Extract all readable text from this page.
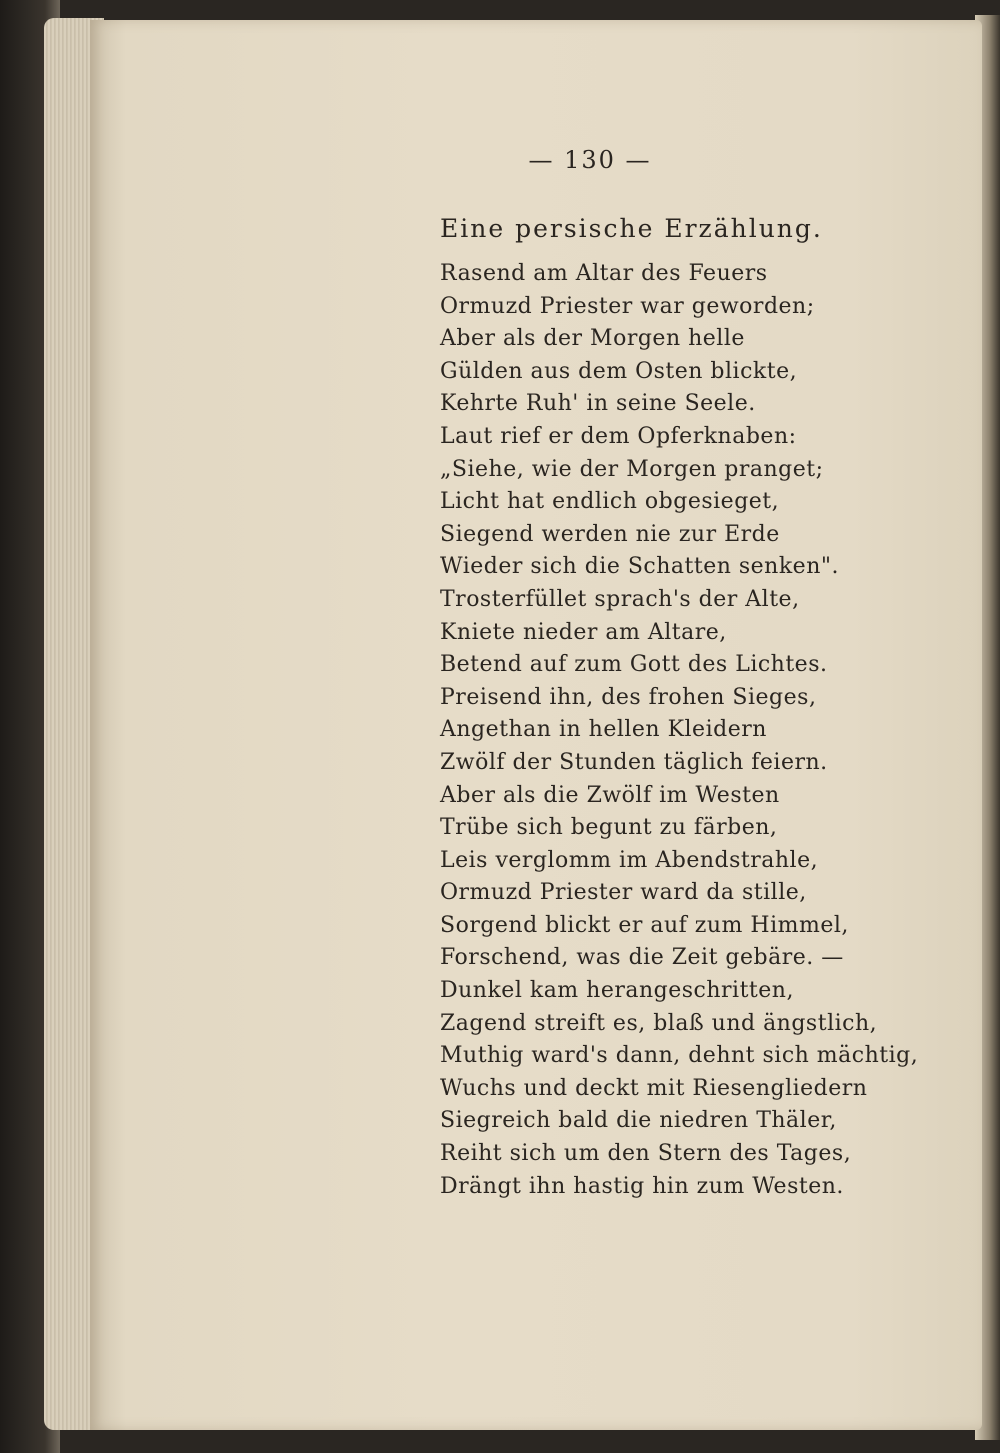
— 130 —
Eine persische Erzählung.
Rasend am Altar des Feuers
Ormuzd Priester war geworden;
Aber als der Morgen helle
Gülden aus dem Osten blickte,
Kehrte Ruh' in seine Seele.
Laut rief er dem Opferknaben:
„Siehe, wie der Morgen pranget;
Licht hat endlich obgesieget,
Siegend werden nie zur Erde
Wieder sich die Schatten senken".
Trosterfüllet sprach's der Alte,
Kniete nieder am Altare,
Betend auf zum Gott des Lichtes.
Preisend ihn, des frohen Sieges,
Angethan in hellen Kleidern
Zwölf der Stunden täglich feiern.
Aber als die Zwölf im Westen
Trübe sich begunt zu färben,
Leis verglomm im Abendstrahle,
Ormuzd Priester ward da stille,
Sorgend blickt er auf zum Himmel,
Forschend, was die Zeit gebäre. —
Dunkel kam herangeschritten,
Zagend streift es, blaß und ängstlich,
Muthig ward's dann, dehnt sich mächtig,
Wuchs und deckt mit Riesengliedern
Siegreich bald die niedren Thäler,
Reiht sich um den Stern des Tages,
Drängt ihn hastig hin zum Westen.
